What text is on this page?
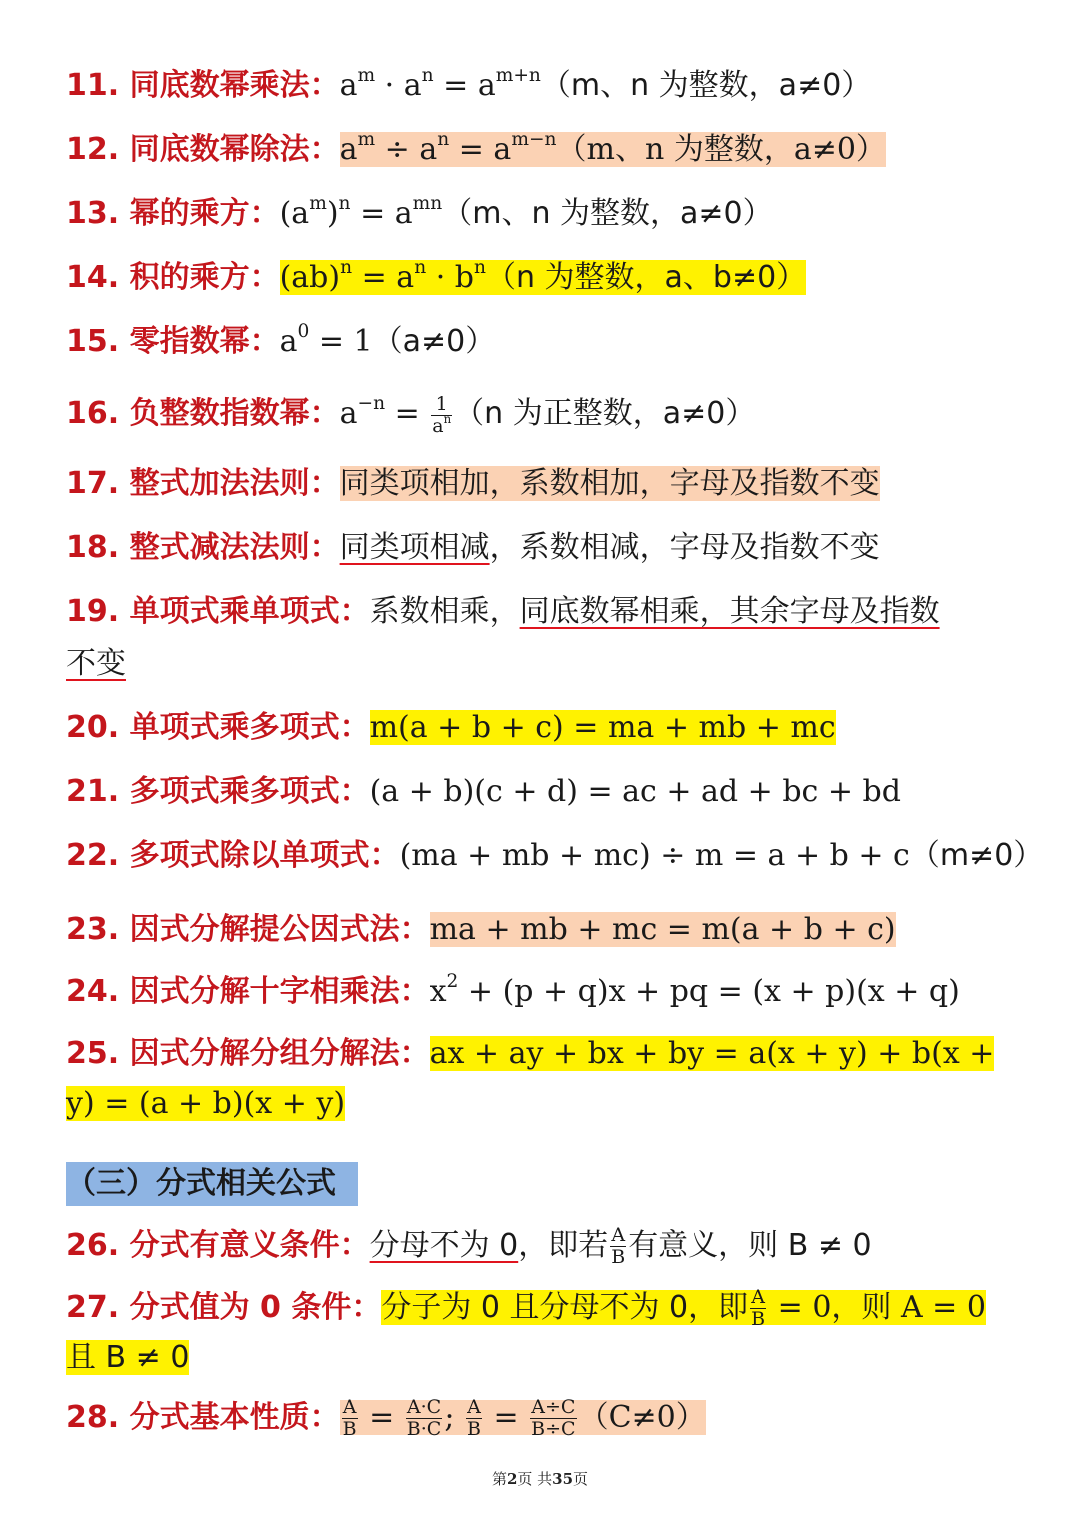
11. 同底数幂乘法：$a^m \cdot a^n = a^{m+n}(m$、n 为整数，a≠0）
12. 同底数幂除法：$a^m \div a^n = a^{m-n}(m$、n 为整数，a≠0）
13. 幂的乘方：$(a^m)^n = a^{mn}(m$、n 为整数，a≠0）
14. 积的乘方：$(ab)^n = a^n \cdot b^n(n$ 为整数，a、b≠0）
15. 零指数幂：$a^0 = 1(a\ne 0)$
16. 负整数指数幂：$a^{-n} = \frac{1}{a^n} (n$ 为正整数，a≠0）
17. 整式加法法则：同类项相加，系数相加，字母及指数不变
18. 整式减法法则：同类项相减，系数相减，字母及指数不变
19. 单项式乘单项式：系数相乘，同底数幂相乘，其余字母及指数
不变
20. 单项式乘多项式：m(a + b + c) = ma + mb + mc
21. 多项式乘多项式：(a + b)(c + d) = ac + ad + bc + bd
22. 多项式除以单项式：(ma + mb + mc) ÷ m = a + b + c（m≠0）
23. 因式分解提公因式法：ma + mb + mc = m(a + b + c)
24. 因式分解十字相乘法：$x^2 + (p + q)x$ + pq = (x + p)(x + q)
25. 因式分解分组分解法：ax + ay + bx + by = a(x + y) + b(x +
y) = (a + b)(x + y)
（三）分式相关公式
26. 分式有意义条件：分母不为 0，即若 $\frac{A}{B}$ 有意义，则 B ≠ 0
27. 分式值为 0 条件：分子为 0 且分母不为 0，即 $\frac{A}{B} = 0$，则 A = 0
且 B ≠ 0
28. 分式基本性质： $\frac{A}{B} = \frac{A\cdot C}{B\cdot C}$ ; $\frac{A}{B} = \frac{A\div C}{B\div C} (C\ne 0)$
第2页 共35页
